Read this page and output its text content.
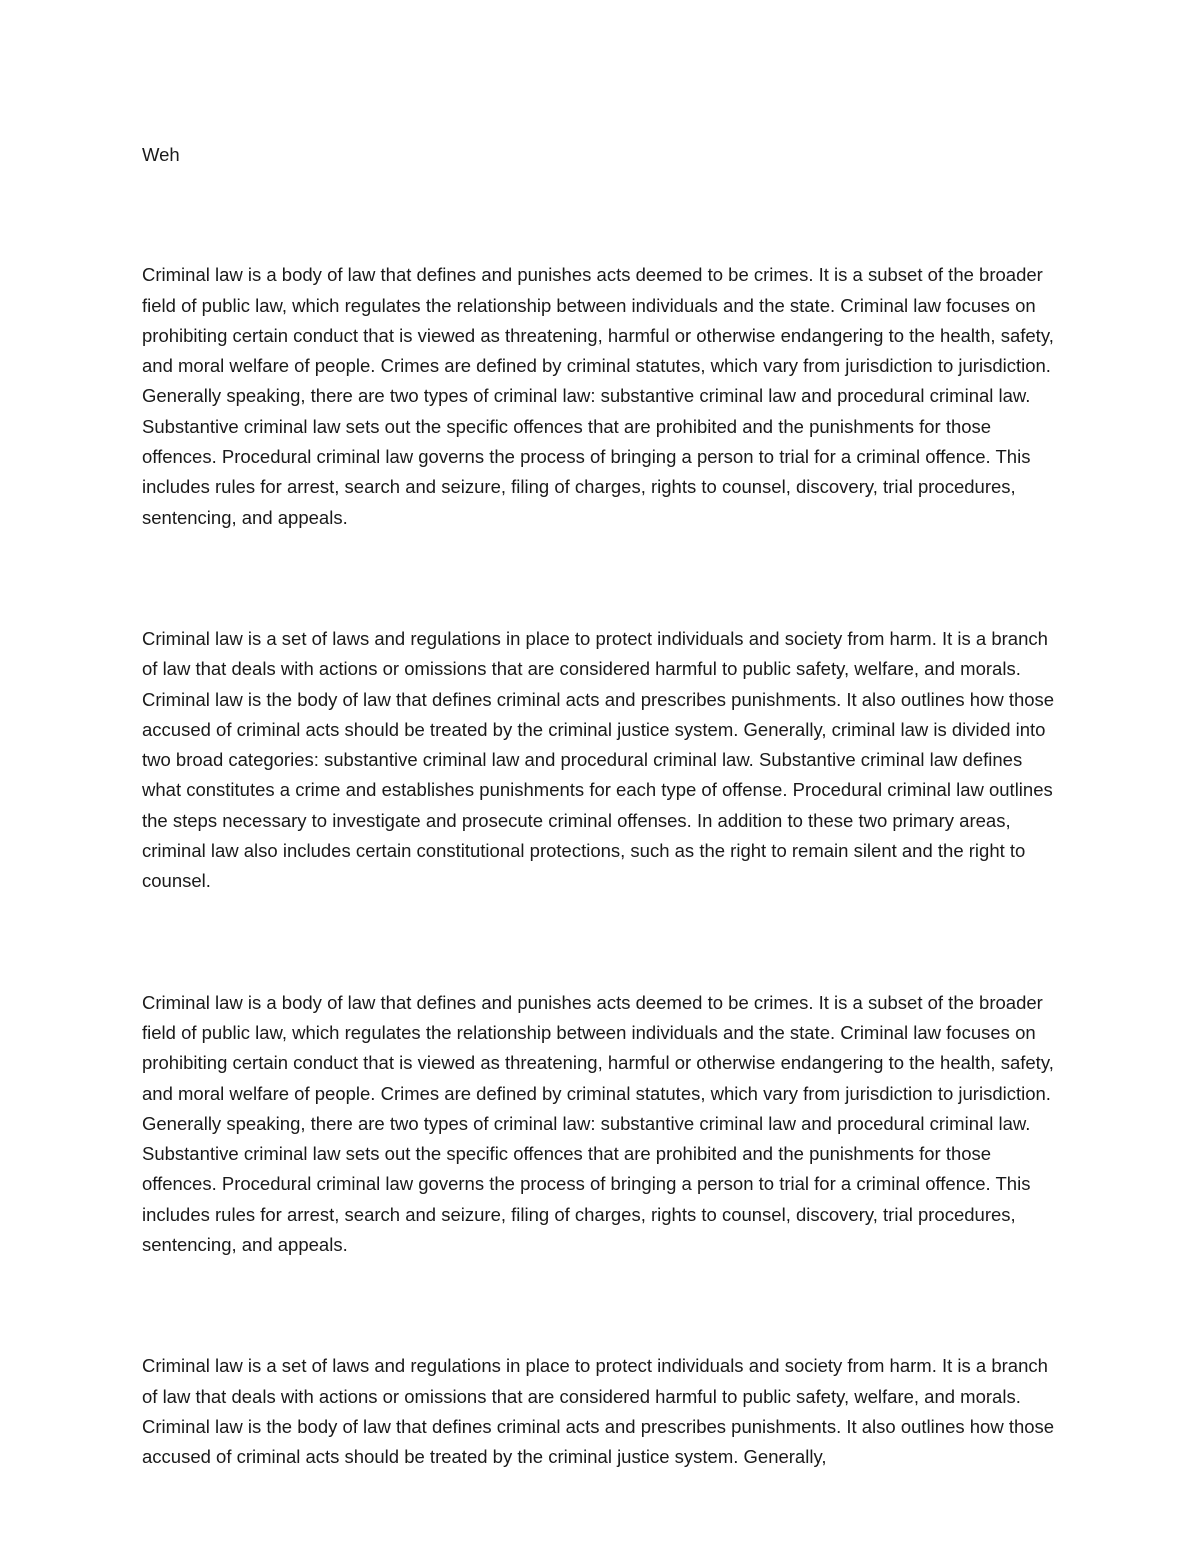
Weh

Criminal law is a body of law that defines and punishes acts deemed to be crimes. It is a subset of the broader field of public law, which regulates the relationship between individuals and the state. Criminal law focuses on prohibiting certain conduct that is viewed as threatening, harmful or otherwise endangering to the health, safety, and moral welfare of people. Crimes are defined by criminal statutes, which vary from jurisdiction to jurisdiction. Generally speaking, there are two types of criminal law: substantive criminal law and procedural criminal law. Substantive criminal law sets out the specific offences that are prohibited and the punishments for those offences. Procedural criminal law governs the process of bringing a person to trial for a criminal offence. This includes rules for arrest, search and seizure, filing of charges, rights to counsel, discovery, trial procedures, sentencing, and appeals.

Criminal law is a set of laws and regulations in place to protect individuals and society from harm. It is a branch of law that deals with actions or omissions that are considered harmful to public safety, welfare, and morals. Criminal law is the body of law that defines criminal acts and prescribes punishments. It also outlines how those accused of criminal acts should be treated by the criminal justice system. Generally, criminal law is divided into two broad categories: substantive criminal law and procedural criminal law. Substantive criminal law defines what constitutes a crime and establishes punishments for each type of offense. Procedural criminal law outlines the steps necessary to investigate and prosecute criminal offenses. In addition to these two primary areas, criminal law also includes certain constitutional protections, such as the right to remain silent and the right to counsel.

Criminal law is a body of law that defines and punishes acts deemed to be crimes. It is a subset of the broader field of public law, which regulates the relationship between individuals and the state. Criminal law focuses on prohibiting certain conduct that is viewed as threatening, harmful or otherwise endangering to the health, safety, and moral welfare of people. Crimes are defined by criminal statutes, which vary from jurisdiction to jurisdiction. Generally speaking, there are two types of criminal law: substantive criminal law and procedural criminal law. Substantive criminal law sets out the specific offences that are prohibited and the punishments for those offences. Procedural criminal law governs the process of bringing a person to trial for a criminal offence. This includes rules for arrest, search and seizure, filing of charges, rights to counsel, discovery, trial procedures, sentencing, and appeals.

Criminal law is a set of laws and regulations in place to protect individuals and society from harm. It is a branch of law that deals with actions or omissions that are considered harmful to public safety, welfare, and morals. Criminal law is the body of law that defines criminal acts and prescribes punishments. It also outlines how those accused of criminal acts should be treated by the criminal justice system. Generally,
